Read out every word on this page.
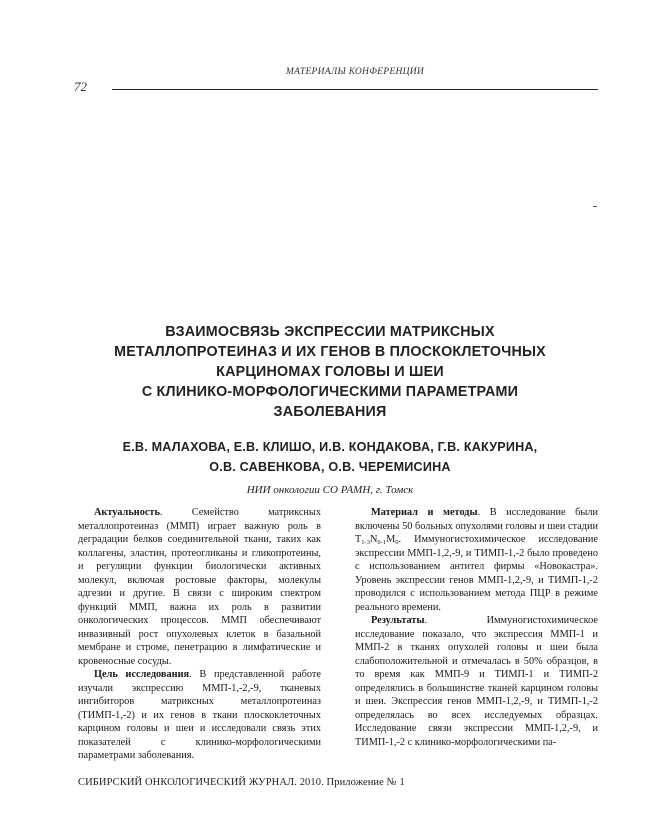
МАТЕРИАЛЫ КОНФЕРЕНЦИИ
72
ВЗАИМОСВЯЗЬ ЭКСПРЕССИИ МАТРИКСНЫХ
МЕТАЛЛОПРОТЕИНАЗ И ИХ ГЕНОВ В ПЛОСКОКЛЕТОЧНЫХ
КАРЦИНОМАХ ГОЛОВЫ И ШЕИ
С КЛИНИКО-МОРФОЛОГИЧЕСКИМИ ПАРАМЕТРАМИ
ЗАБОЛЕВАНИЯ
Е.В. МАЛАХОВА, Е.В. КЛИШО, И.В. КОНДАКОВА, Г.В. КАКУРИНА,
О.В. САВЕНКОВА, О.В. ЧЕРЕМИСИНА
НИИ онкологии СО РАМН, г. Томск

Актуальность. Семейство матриксных металлопротеиназ (ММП) играет важную роль в деградации белков соединительной ткани, таких как коллагены, эластин, протеогликаны и гликопротеины, и регуляции функции биологически активных молекул, включая ростовые факторы, молекулы адгезии и другие. В связи с широким спектром функций ММП, важна их роль в развитии онкологических процессов. ММП обеспечивают инвазивный рост опухолевых клеток в базальной мембране и строме, пенетрацию в лимфатические и кровеносные сосуды.

Цель исследования. В представленной работе изучали экспрессию ММП-1,-2,-9, тканевых ингибиторов матриксных металлопротеиназ (ТИМП-1,-2) и их генов в ткани плоскоклеточных карцином головы и шеи и исследовали связь этих показателей с клинико-морфологическими параметрами заболевания.

Материал и методы. В исследование были включены 50 больных опухолями головы и шеи стадии $T_{1-3}N_{0-1}M_0$. Иммуногистохимическое исследование экспрессии ММП-1,2,-9, и ТИМП-1,-2 было проведено с использованием антител фирмы «Новокастра». Уровень экспрессии генов ММП-1,2,-9, и ТИМП-1,-2 проводился с использованием метода ПЦР в режиме реального времени.

Результаты. Иммуногистохимическое исследование показало, что экспрессия ММП-1 и ММП-2 в тканях опухолей головы и шеи была слабоположительной и отмечалась в 50% образцов, в то время как ММП-9 и ТИМП-1 и ТИМП-2 определялись в большинстве тканей карцином головы и шеи. Экспрессия генов ММП-1,2,-9, и ТИМП-1,-2 определялась во всех исследуемых образцах. Исследование связи экспрессии ММП-1,2,-9, и ТИМП-1,-2 с клинико-морфологическими па-

СИБИРСКИЙ ОНКОЛОГИЧЕСКИЙ ЖУРНАЛ. 2010. Приложение № 1
